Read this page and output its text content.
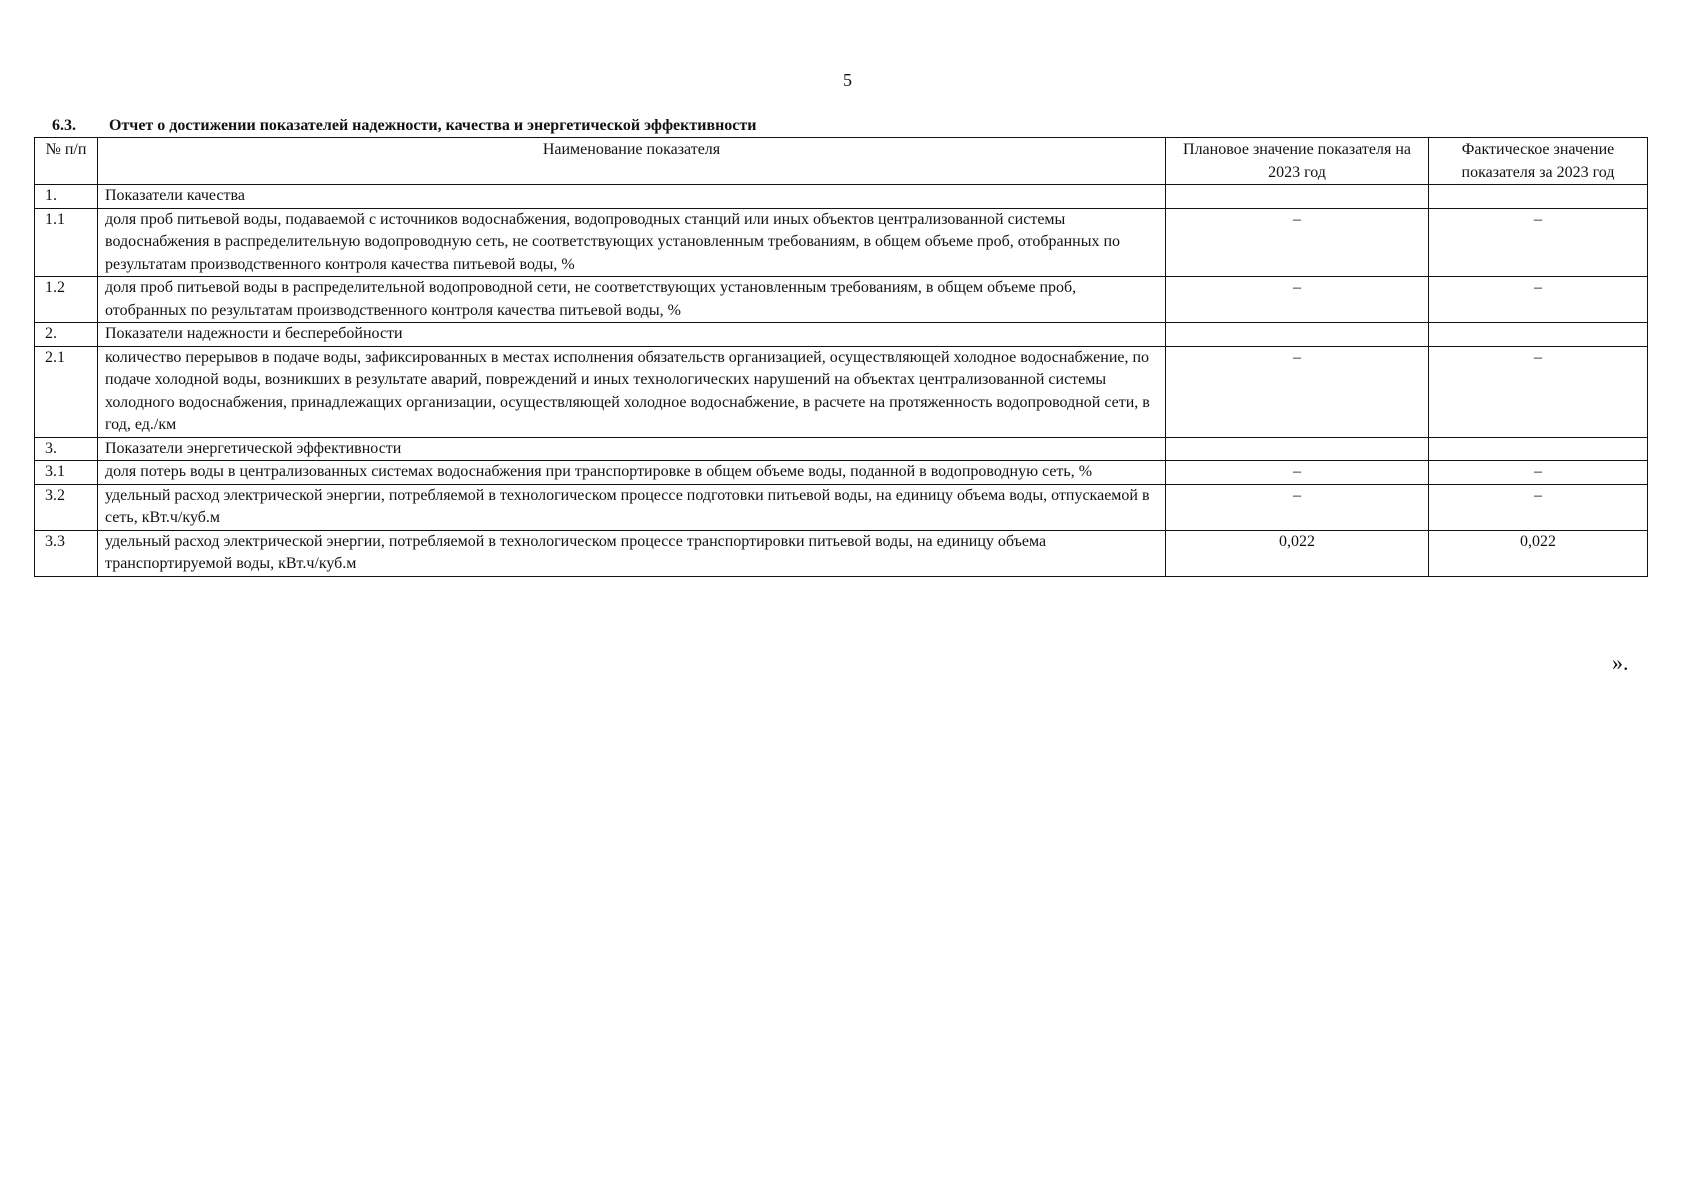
5
6.3. Отчет о достижении показателей надежности, качества и энергетической эффективности
№ п/п	Наименование показателя	Плановое значение показателя на 2023 год	Фактическое значение показателя за 2023 год
1.	Показатели качества		
1.1	доля проб питьевой воды, подаваемой с источников водоснабжения, водопроводных станций или иных объектов централизованной системы водоснабжения в распределительную водопроводную сеть, не соответствующих установленным требованиям, в общем объеме проб, отобранных по результатам производственного контроля качества питьевой воды, %	–	–
1.2	доля проб питьевой воды в распределительной водопроводной сети, не соответствующих установленным требованиям, в общем объеме проб, отобранных по результатам производственного контроля качества питьевой воды, %	–	–
2.	Показатели надежности и бесперебойности		
2.1	количество перерывов в подаче воды, зафиксированных в местах исполнения обязательств организацией, осуществляющей холодное водоснабжение, по подаче холодной воды, возникших в результате аварий, повреждений и иных технологических нарушений на объектах централизованной системы холодного водоснабжения, принадлежащих организации, осуществляющей холодное водоснабжение, в расчете на протяженность водопроводной сети, в год, ед./км	–	–
3.	Показатели энергетической эффективности		
3.1	доля потерь воды в централизованных системах водоснабжения при транспортировке в общем объеме воды, поданной в водопроводную сеть, %	–	–
3.2	удельный расход электрической энергии, потребляемой в технологическом процессе подготовки питьевой воды, на единицу объема воды, отпускаемой в сеть, кВт.ч/куб.м	–	–
3.3	удельный расход электрической энергии, потребляемой в технологическом процессе транспортировки питьевой воды, на единицу объема транспортируемой воды, кВт.ч/куб.м	0,022	0,022
».
